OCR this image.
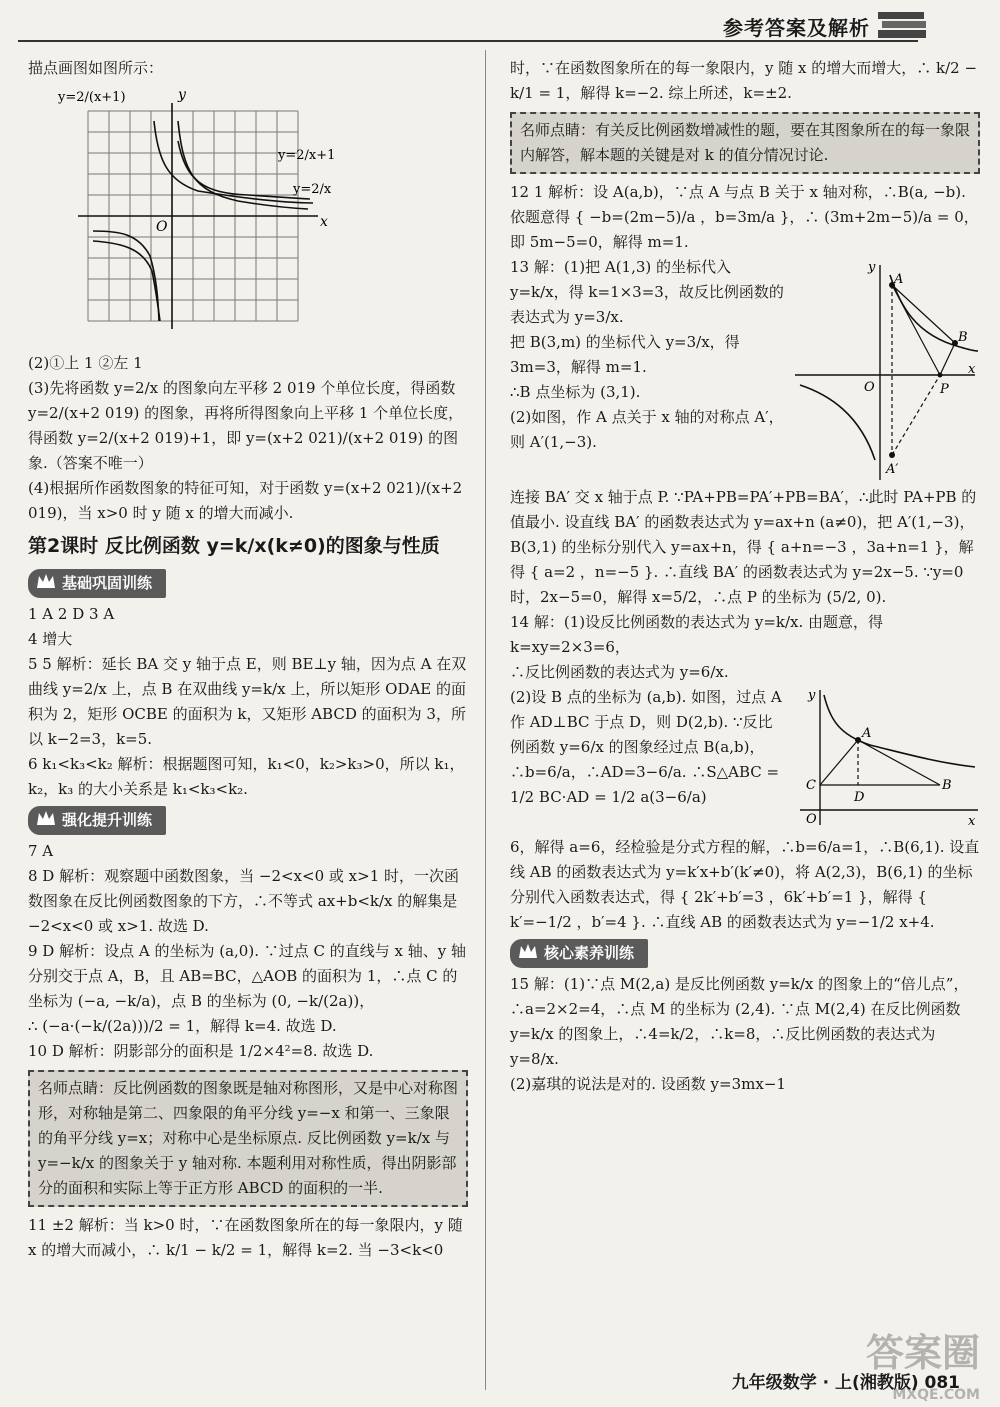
参考答案及解析

描点画图如图所示：

y=2/(x+1)
y=2/x+1
y=2/x
y
x
O

(2)①上 1 ②左 1

(3)先将函数 y=2/x 的图象向左平移 2 019 个单位长度，得函数 y=2/(x+2 019) 的图象，再将所得图象向上平移 1 个单位长度，得函数 y=2/(x+2 019)+1，即 y=(x+2 021)/(x+2 019) 的图象.（答案不唯一）

(4)根据所作函数图象的特征可知，对于函数 y=(x+2 021)/(x+2 019)，当 x>0 时 y 随 x 的增大而减小.

第2课时 反比例函数 y=k/x(k≠0)的图象与性质
基础巩固训练

1 A 2 D 3 A

4 增大

5 5 解析：延长 BA 交 y 轴于点 E，则 BE⊥y 轴，因为点 A 在双曲线 y=2/x 上，点 B 在双曲线 y=k/x 上，所以矩形 ODAE 的面积为 2，矩形 OCBE 的面积为 k，又矩形 ABCD 的面积为 3，所以 k−2=3，k=5.

6 k₁<k₃<k₂ 解析：根据题图可知，k₁<0，k₂>k₃>0，所以 k₁，k₂，k₃ 的大小关系是 k₁<k₃<k₂.

强化提升训练

7 A

8 D 解析：观察题中函数图象，当 −2<x<0 或 x>1 时，一次函数图象在反比例函数图象的下方，∴不等式 ax+b<k/x 的解集是 −2<x<0 或 x>1. 故选 D.

9 D 解析：设点 A 的坐标为 (a,0). ∵过点 C 的直线与 x 轴、y 轴分别交于点 A，B，且 AB=BC，△AOB 的面积为 1，∴点 C 的坐标为 (−a, −k/a)，点 B 的坐标为 (0, −k/(2a))，

∴ (−a·(−k/(2a)))/2 = 1，解得 k=4. 故选 D.

10 D 解析：阴影部分的面积是 1/2×4²=8. 故选 D.

名师点睛：反比例函数的图象既是轴对称图形，又是中心对称图形，对称轴是第二、四象限的角平分线 y=−x 和第一、三象限的角平分线 y=x；对称中心是坐标原点. 反比例函数 y=k/x 与 y=−k/x 的图象关于 y 轴对称. 本题利用对称性质，得出阴影部分的面积和实际上等于正方形 ABCD 的面积的一半.

11 ±2 解析：当 k>0 时，∵在函数图象所在的每一象限内，y 随 x 的增大而减小，∴ k/1 − k/2 = 1，解得 k=2. 当 −3<k<0

时，∵在函数图象所在的每一象限内，y 随 x 的增大而增大，∴ k/2 − k/1 = 1，解得 k=−2. 综上所述，k=±2.

名师点睛：有关反比例函数增减性的题，要在其图象所在的每一象限内解答，解本题的关键是对 k 的值分情况讨论.

12 1 解析：设 A(a,b)，∵点 A 与点 B 关于 x 轴对称，∴B(a, −b). 依题意得 { −b=(2m−5)/a ，b=3m/a }，∴ (3m+2m−5)/a = 0，即 5m−5=0，解得 m=1.

A
B
O	P
A′
x
y

13 解：(1)把 A(1,3) 的坐标代入 y=k/x，得 k=1×3=3，故反比例函数的表达式为 y=3/x.

把 B(3,m) 的坐标代入 y=3/x，得 3m=3，解得 m=1.

∴B 点坐标为 (3,1).

(2)如图，作 A 点关于 x 轴的对称点 A′，则 A′(1,−3).

连接 BA′ 交 x 轴于点 P. ∵PA+PB=PA′+PB=BA′，∴此时 PA+PB 的值最小. 设直线 BA′ 的函数表达式为 y=ax+n (a≠0)，把 A′(1,−3)，B(3,1) 的坐标分别代入 y=ax+n，得 { a+n=−3 ，3a+n=1 }，解得 { a=2 ，n=−5 }. ∴直线 BA′ 的函数表达式为 y=2x−5. ∵y=0 时，2x−5=0，解得 x=5/2，∴点 P 的坐标为 (5/2, 0).

14 解：(1)设反比例函数的表达式为 y=k/x. 由题意，得 k=xy=2×3=6，

∴反比例函数的表达式为 y=6/x.

A
B
C
D
O	x
y

(2)设 B 点的坐标为 (a,b). 如图，过点 A 作 AD⊥BC 于点 D，则 D(2,b). ∵反比例函数 y=6/x 的图象经过点 B(a,b)，∴b=6/a，∴AD=3−6/a. ∴S△ABC = 1/2 BC·AD = 1/2 a(3−6/a)

6，解得 a=6，经检验是分式方程的解，∴b=6/a=1，∴B(6,1). 设直线 AB 的函数表达式为 y=k′x+b′(k′≠0)，将 A(2,3)，B(6,1) 的坐标分别代入函数表达式，得 { 2k′+b′=3 ，6k′+b′=1 }，解得 { k′=−1/2 ，b′=4 }. ∴直线 AB 的函数表达式为 y=−1/2 x+4.

核心素养训练

15 解：(1)∵点 M(2,a) 是反比例函数 y=k/x 的图象上的“倍儿点”，∴a=2×2=4，∴点 M 的坐标为 (2,4). ∵点 M(2,4) 在反比例函数 y=k/x 的图象上，∴4=k/2，∴k=8，∴反比例函数的表达式为 y=8/x.

(2)嘉琪的说法是对的. 设函数 y=3mx−1

答案圈
MXQE.COM
九年级数学 · 上(湘教版) 081
